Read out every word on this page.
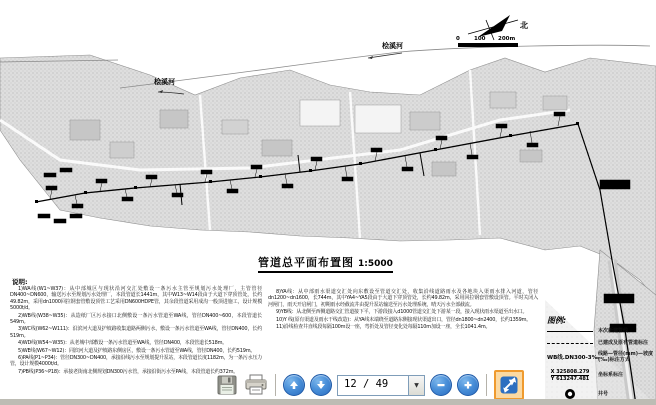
北
0	100 200m
桧溪河
桧溪河
管道总平面布置图 1:5000
说明:

1)WA线(W1~W37)：从中部城区与现状沿河交汇处敷设一条污水主管至规划污水处理厂，主管管径DN400~DN600，输送污水至规划污水处理厂，本段管道长1441m，其中W13~W14段由于大道下穿顶管处，长约49.82m，采用dn1000回拉钢套管敷设顶管工艺采用DN600HDPE管，其余段管道采用成沟一般顶进施工，设计规模5000t/d。

2)WB线(W38~W35)：从造纸厂区污水接口北侧敷设一条污水管道至WA线，管径DN400~600，本段管道长549m。

3)WC线(W62~W111)：沿滨河大道及护坡路收集道路两侧污水，敷设一条污水管道至WA线，管径DN400，长约519m。

4)WD线(W54~W35)：从老城中部敷设一条污水管道至WA线，管径DN400，本段管道长518m。

5)WE线(W67~W12)：同滨河大道及护坡路东侧房区，敷设一条污水管道至WA线，管径DN400，长约519m。

6)PA线(P1~P34)：管径DN300~DN400，承接沿线污水至规划提升泵站，本段管道长度1182m，为一条污水压力管，设计规模4000t/d。

7)PB线(P36~P18)：承接老街南北侧规划DN300污水管，承接沿街污水至PA线，本段管道长约372m。

8)YA线：从中部雨水渠道交汇处向东敷设至管道交汇处，收集沿线道路雨水及各地块入渠雨水排入河道，管径dn1200~dn1600，长744m，其中YA4~YA5段由于大道下穿顶管处，长约49.82m，采用回拉钢套管敷设顶管。平时关闭入河闸门，雨天开启闸门，初期雨水经截流井由提升泵站输送至污水处理系统，晴天污水全部截流。

9)YB线：从北侧至西侧道路交汇管道接下平，下游段接入d1000管道交汇处下游某一段，接入现状雨水渠道至出水口。

10)Y 线(原有渠道及雨水干线改造)：从YA线末端绕至道路东侧接现状渠道出口，管径dn1800~dn2400，长约1359m。

11)沿线检查井直线段每隔100m设一座，弯折处及管径变化处每隔110m加设一座，全长1041.4m。

图例:
本次新建管线
已建成及原有管道标注
WB线.DN300-3‰
线路—管径(mm)—坡度(‰)标注方式
X 325808.279
Y 613247.481
坐标系标注
井号
12 / 49	▼
